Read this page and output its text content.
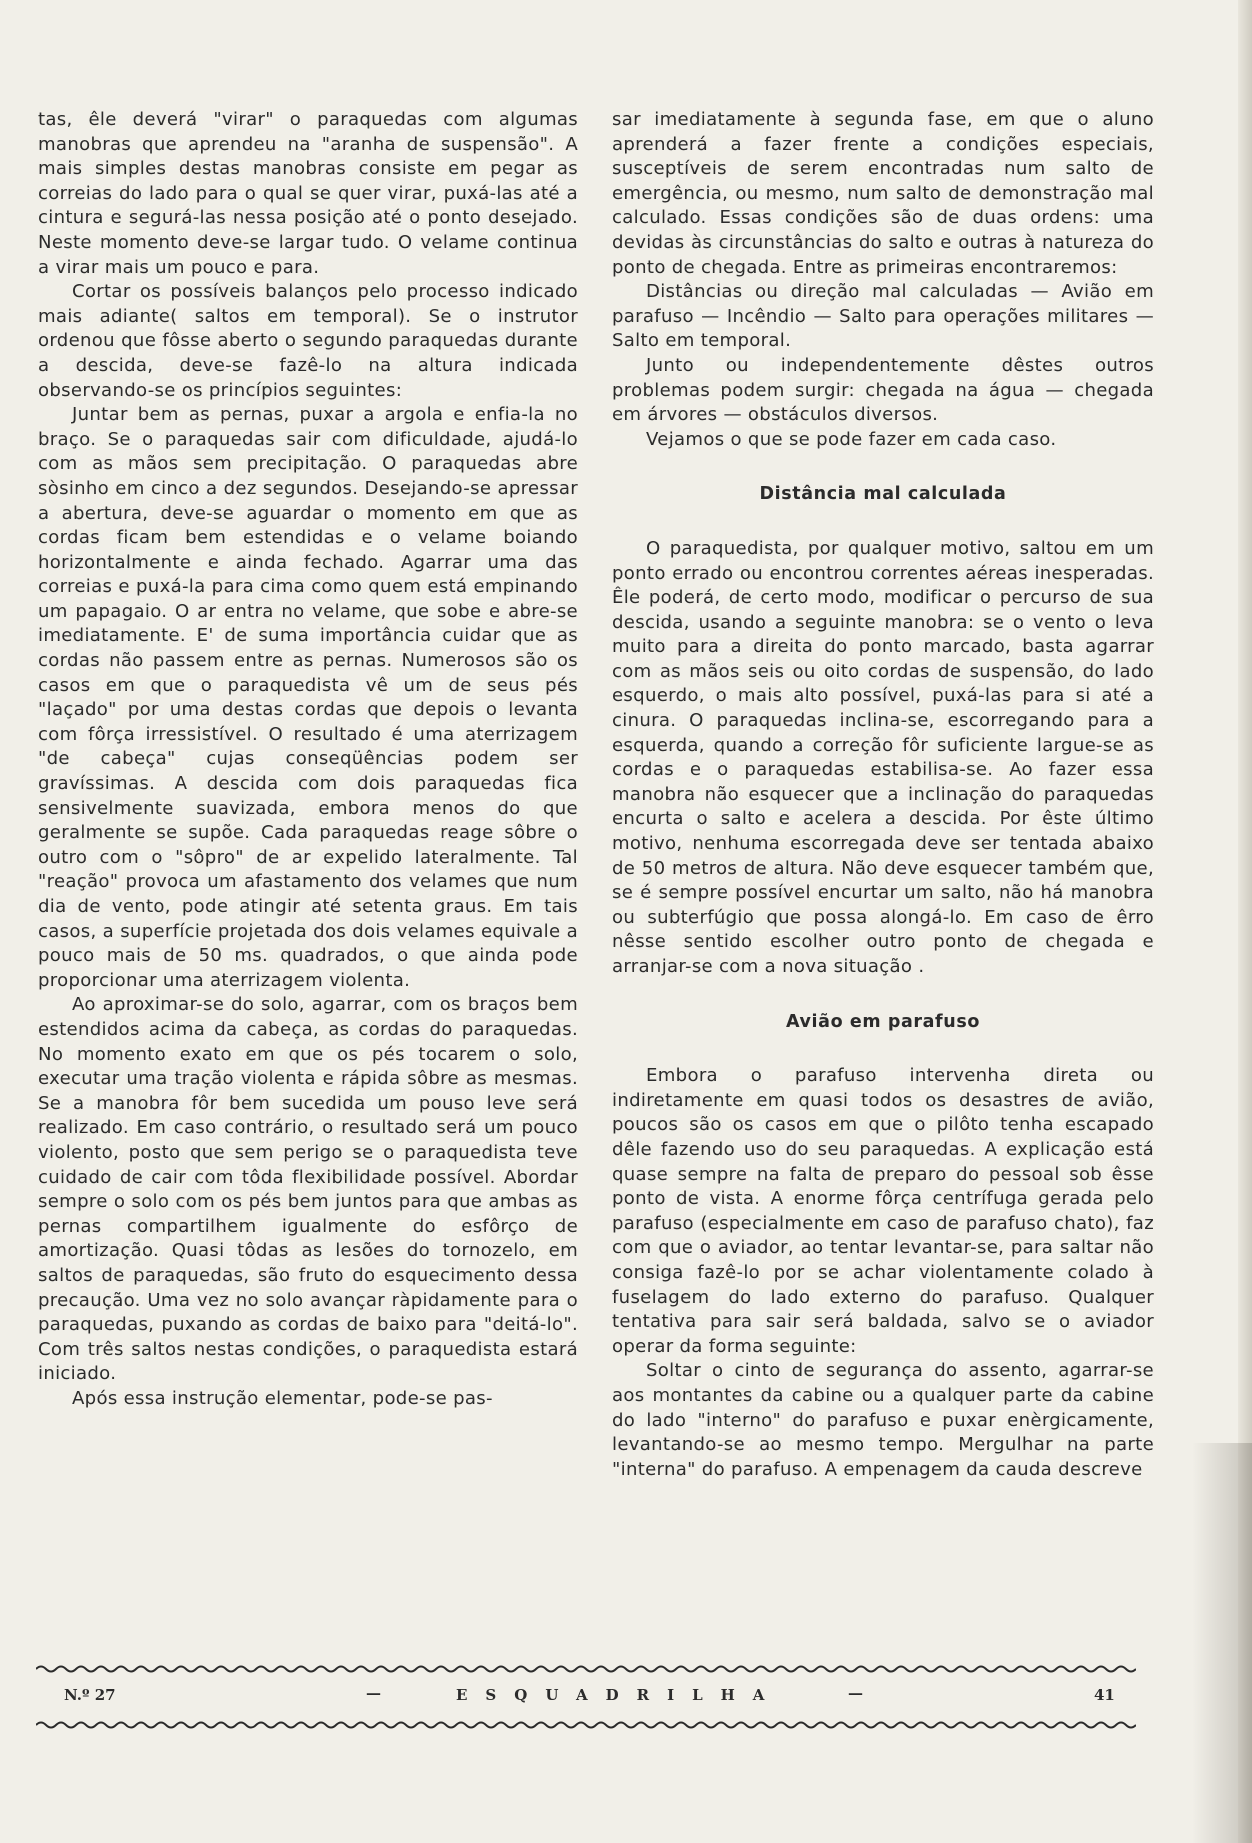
tas, êle deverá "virar" o paraquedas com algumas manobras que aprendeu na "aranha de suspensão". A mais simples destas manobras consiste em pegar as correias do lado para o qual se quer virar, puxá-las até a cintura e segurá-las nessa posição até o ponto desejado. Neste momento deve-se largar tudo. O velame continua a virar mais um pouco e para.

Cortar os possíveis balanços pelo processo indicado mais adiante( saltos em temporal). Se o instrutor ordenou que fôsse aberto o segundo paraquedas durante a descida, deve-se fazê-lo na altura indicada observando-se os princípios seguintes:

Juntar bem as pernas, puxar a argola e enfia-la no braço. Se o paraquedas sair com dificuldade, ajudá-lo com as mãos sem precipitação. O paraquedas abre sòsinho em cinco a dez segundos. Desejando-se apressar a abertura, deve-se aguardar o momento em que as cordas ficam bem estendidas e o velame boiando horizontalmente e ainda fechado. Agarrar uma das correias e puxá-la para cima como quem está empinando um papagaio. O ar entra no velame, que sobe e abre-se imediatamente. E' de suma importância cuidar que as cordas não passem entre as pernas. Numerosos são os casos em que o paraquedista vê um de seus pés "laçado" por uma destas cordas que depois o levanta com fôrça irressistível. O resultado é uma aterrizagem "de cabeça" cujas conseqüências podem ser gravíssimas. A descida com dois paraquedas fica sensivelmente suavizada, embora menos do que geralmente se supõe. Cada paraquedas reage sôbre o outro com o "sôpro" de ar expelido lateralmente. Tal "reação" provoca um afastamento dos velames que num dia de vento, pode atingir até setenta graus. Em tais casos, a superfície projetada dos dois velames equivale a pouco mais de 50 ms. quadrados, o que ainda pode proporcionar uma aterrizagem violenta.

Ao aproximar-se do solo, agarrar, com os braços bem estendidos acima da cabeça, as cordas do paraquedas. No momento exato em que os pés tocarem o solo, executar uma tração violenta e rápida sôbre as mesmas. Se a manobra fôr bem sucedida um pouso leve será realizado. Em caso contrário, o resultado será um pouco violento, posto que sem perigo se o paraquedista teve cuidado de cair com tôda flexibilidade possível. Abordar sempre o solo com os pés bem juntos para que ambas as pernas compartilhem igualmente do esfôrço de amortização. Quasi tôdas as lesões do tornozelo, em saltos de paraquedas, são fruto do esquecimento dessa precaução. Uma vez no solo avançar ràpidamente para o paraquedas, puxando as cordas de baixo para "deitá-lo". Com três saltos nestas condições, o paraquedista estará iniciado.

Após essa instrução elementar, pode-se pas-

sar imediatamente à segunda fase, em que o aluno aprenderá a fazer frente a condições especiais, susceptíveis de serem encontradas num salto de emergência, ou mesmo, num salto de demonstração mal calculado. Essas condições são de duas ordens: uma devidas às circunstâncias do salto e outras à natureza do ponto de chegada. Entre as primeiras encontraremos:

Distâncias ou direção mal calculadas — Avião em parafuso — Incêndio — Salto para operações militares — Salto em temporal.

Junto ou independentemente dêstes outros problemas podem surgir: chegada na água — chegada em árvores — obstáculos diversos.

Vejamos o que se pode fazer em cada caso.

Distância mal calculada

O paraquedista, por qualquer motivo, saltou em um ponto errado ou encontrou correntes aéreas inesperadas. Êle poderá, de certo modo, modificar o percurso de sua descida, usando a seguinte manobra: se o vento o leva muito para a direita do ponto marcado, basta agarrar com as mãos seis ou oito cordas de suspensão, do lado esquerdo, o mais alto possível, puxá-las para si até a cinura. O paraquedas inclina-se, escorregando para a esquerda, quando a correção fôr suficiente largue-se as cordas e o paraquedas estabilisa-se. Ao fazer essa manobra não esquecer que a inclinação do paraquedas encurta o salto e acelera a descida. Por êste último motivo, nenhuma escorregada deve ser tentada abaixo de 50 metros de altura. Não deve esquecer também que, se é sempre possível encurtar um salto, não há manobra ou subterfúgio que possa alongá-lo. Em caso de êrro nêsse sentido escolher outro ponto de chegada e arranjar-se com a nova situação .

Avião em parafuso

Embora o parafuso intervenha direta ou indiretamente em quasi todos os desastres de avião, poucos são os casos em que o pilôto tenha escapado dêle fazendo uso do seu paraquedas. A explicação está quase sempre na falta de preparo do pessoal sob êsse ponto de vista. A enorme fôrça centrífuga gerada pelo parafuso (especialmente em caso de parafuso chato), faz com que o aviador, ao tentar levantar-se, para saltar não consiga fazê-lo por se achar violentamente colado à fuselagem do lado externo do parafuso. Qualquer tentativa para sair será baldada, salvo se o aviador operar da forma seguinte:

Soltar o cinto de segurança do assento, agarrar-se aos montantes da cabine ou a qualquer parte da cabine do lado "interno" do parafuso e puxar enèrgicamente, levantando-se ao mesmo tempo. Mergulhar na parte "interna" do parafuso. A empenagem da cauda descreve

N.º 27	—	ESQUADRILHA	—	41
